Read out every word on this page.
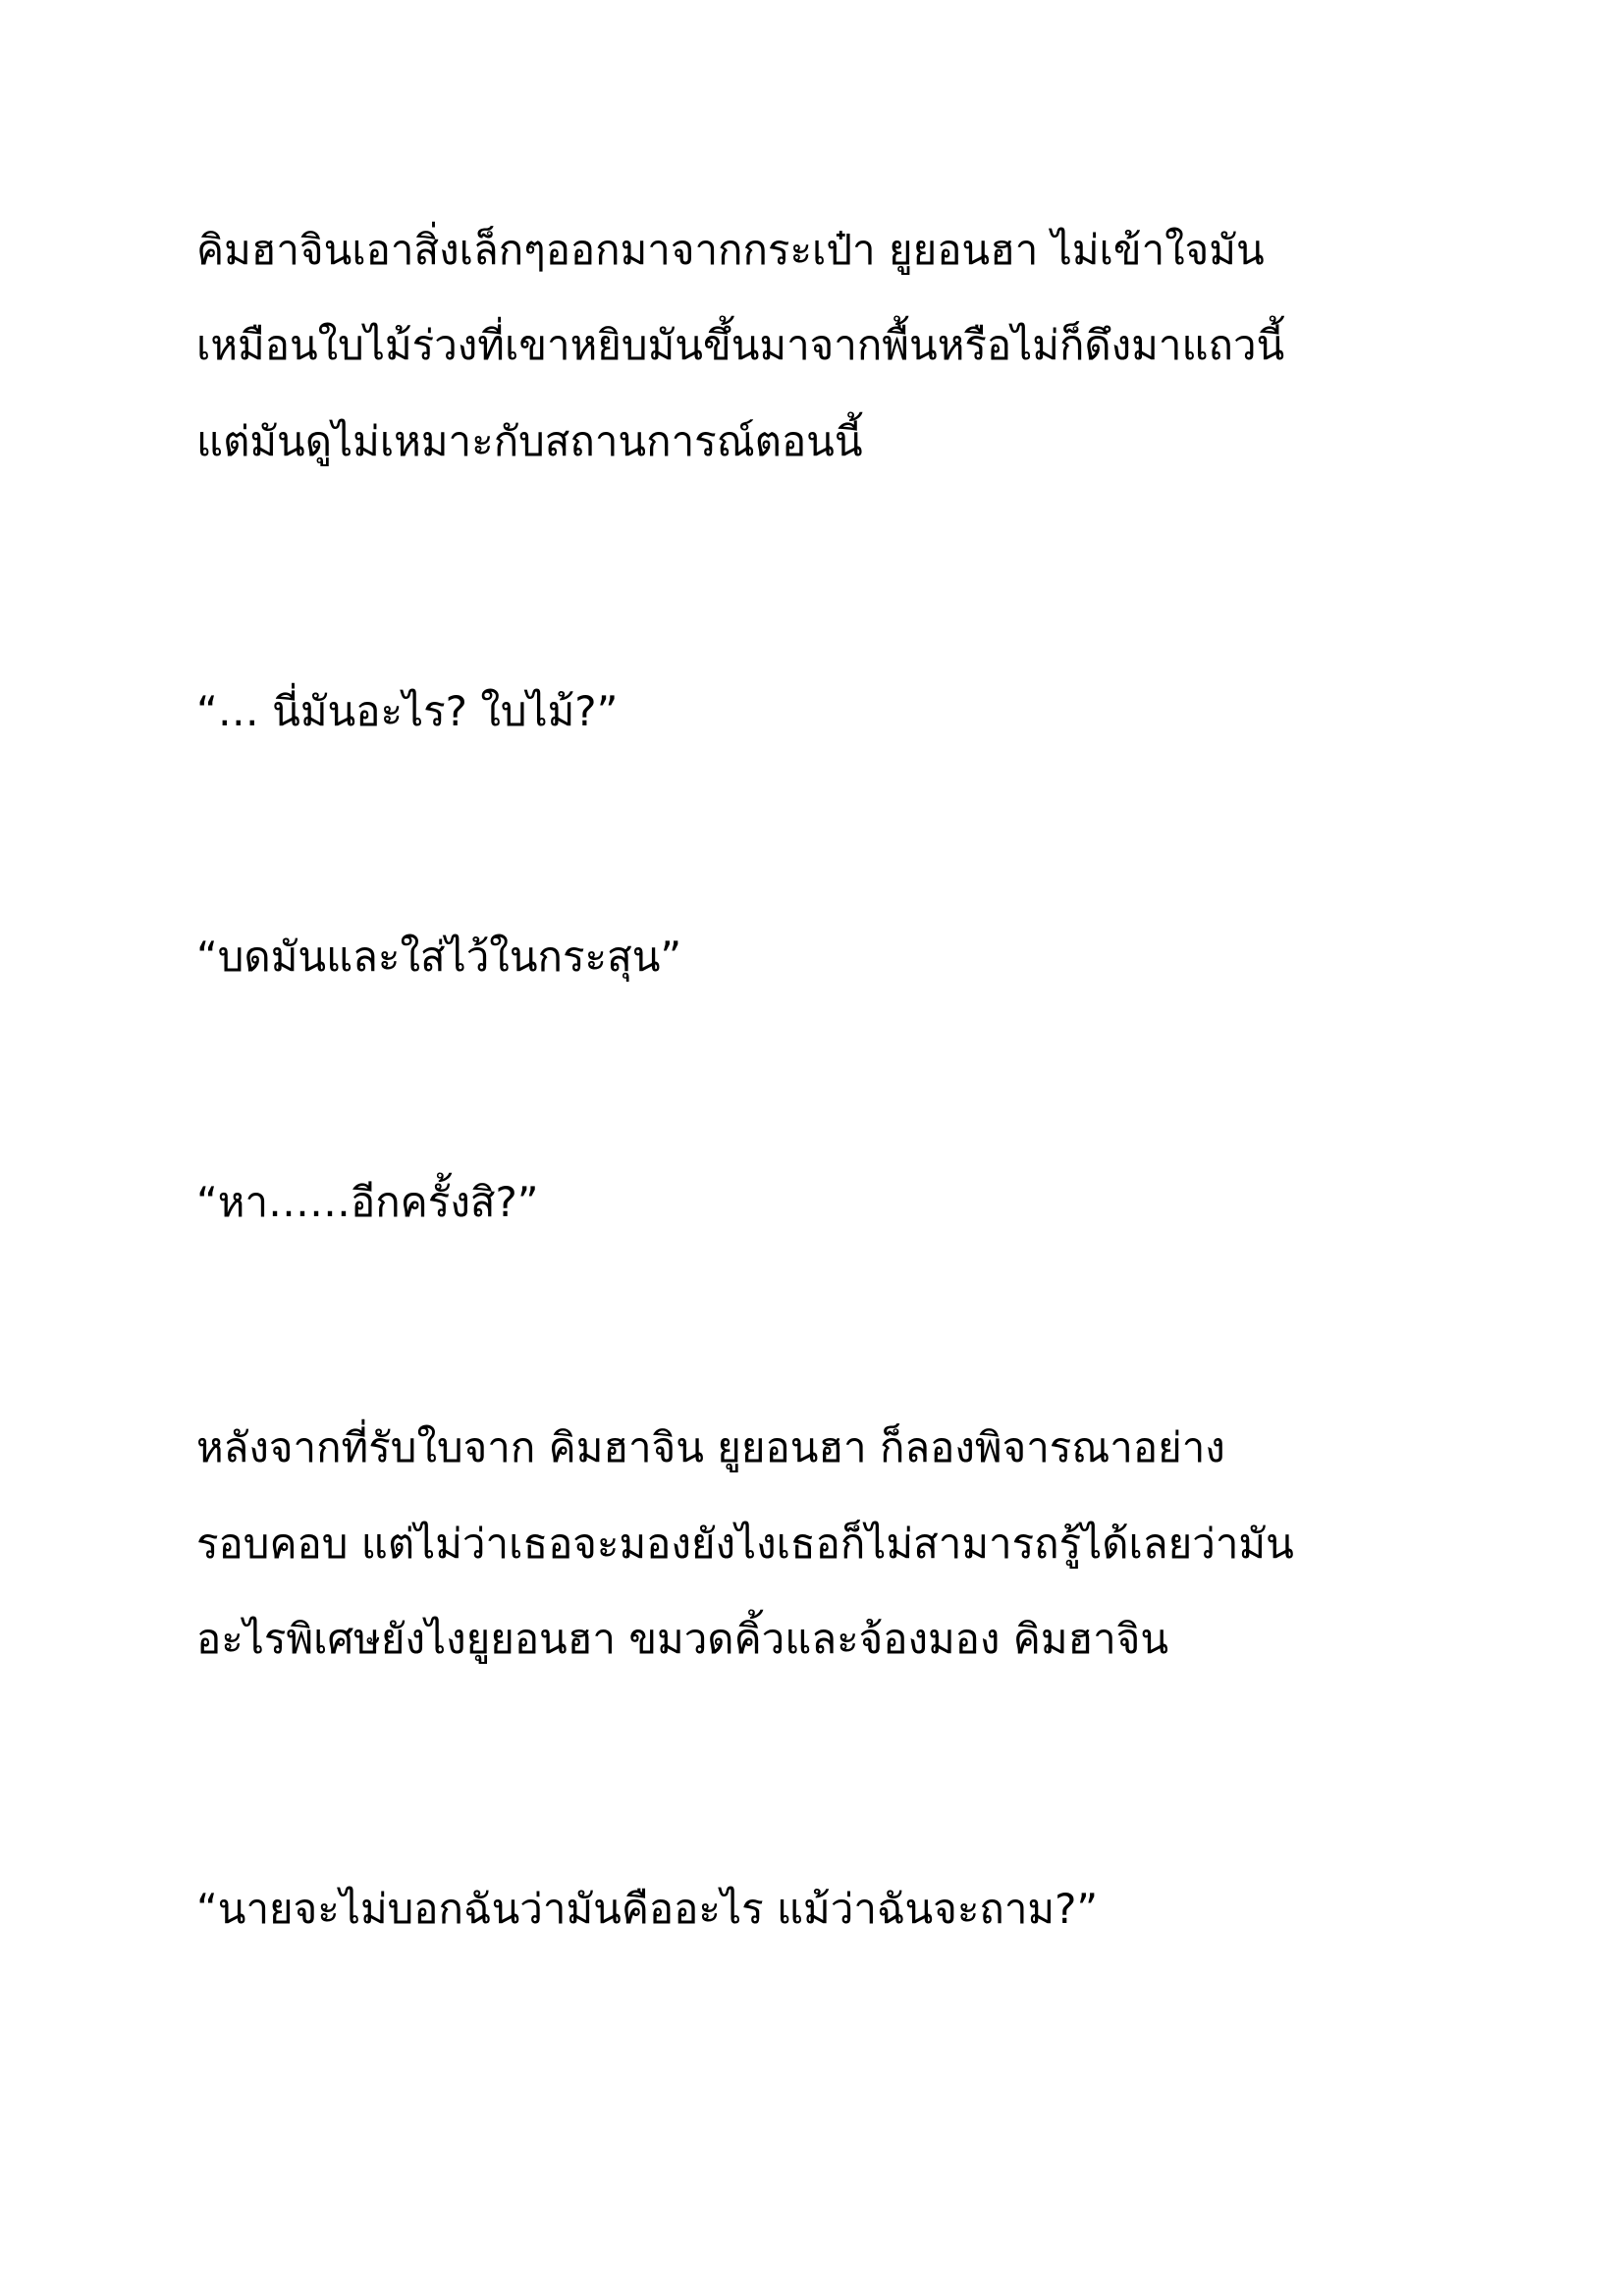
คิมฮาจินเอาสิ่งเล็กๆออกมาจากกระเป๋า ยูยอนฮา ไม่เข้าใจมัน

เหมือนใบไม้ร่วงที่เขาหยิบมันขึ้นมาจากพื้นหรือไม่ก็ดึงมาแถวนี้

แต่มันดูไม่เหมาะกับสถานการณ์ตอนนี้

“… นี่มันอะไร? ใบไม้?”

“บดมันและใส่ไว้ในกระสุน”

“หา……อีกครั้งสิ?”

หลังจากที่รับใบจาก คิมฮาจิน ยูยอนฮา ก็ลองพิจารณาอย่าง

รอบคอบ แต่ไม่ว่าเธอจะมองยังไงเธอก็ไม่สามารถรู้ได้เลยว่ามัน

อะไรพิเศษยังไงยูยอนฮา ขมวดคิ้วและจ้องมอง คิมฮาจิน

“นายจะไม่บอกฉันว่ามันคืออะไร แม้ว่าฉันจะถาม?”
